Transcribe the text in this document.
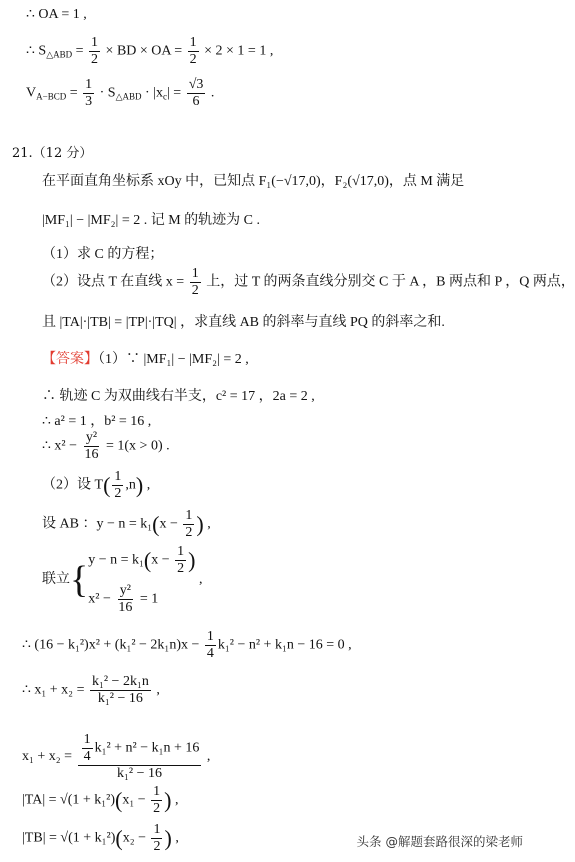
∴ OA = 1 ,
∴ $S_{\triangle ABD} = \frac{1}{2}$ × BD × OA = $\frac{1}{2} \times 2 \times 1 = 1$ ,
$V_{A-BCD} = \frac{1}{3} \cdot S_{\triangle ABD} \cdot |x_c| = \frac{√3}{6}$ .
21.（12 分）
在平面直角坐标系 xOy 中，已知点 F₁(−√17,0)，F₂(√17,0)，点 M 满足
|MF₁| − |MF₂| = 2 . 记 M 的轨迹为 C .
（1）求 C 的方程；
（2）设点 T 在直线 $x = \frac{1}{2}$ 上，过 T 的两条直线分别交 C 于 A ，B 两点和 P ，Q 两点，
且 |TA|·|TB| = |TP|·|TQ| ，求直线 AB 的斜率与直线 PQ 的斜率之和.
【答案】（1）∵ |MF₁| − |MF₂| = 2 ,
∴ 轨迹 C 为双曲线右半支，c² = 17 ，2a = 2 ,
∴ a² = 1 ，b² = 16 ,
∴ $x^2 - \frac{\text{y²}}{16} = 1(x > 0)$ .
（2）设 $T( \frac{1}{2} ,n)$ ,
设 AB ：$y - n = k_1(x - \frac{1}{2}$ ) ,
联立{ $y - n = k_1(x - \frac{1}{2}$ )
$x^2 - \frac{\text{y²}}{16} = 1$
,
∴ $(16 - k_1^2)x^2 + (k_1^2 - 2k_1n)x - \frac{1}{4} k_1^2 - n^2 + k_1n - 16 = 0$ ,
∴ $x_1 + x_2 = \frac{\text{k₁² − 2k₁n}}{\text{k₁² − 16}}$ ,
$x_1 + x_2 = \frac{\frac{1}{4} k_1^2 + n^2 - k_1n + 16}{\text{k₁² − 16}}$ ,
$|TA| = √(1 + k_1^2)(x_1 - \frac{1}{2}$ ) ,
$|TB| = √(1 + k_1^2)(x_2 - \frac{1}{2}$ ) ,	头条 @解题套路很深的梁老师
